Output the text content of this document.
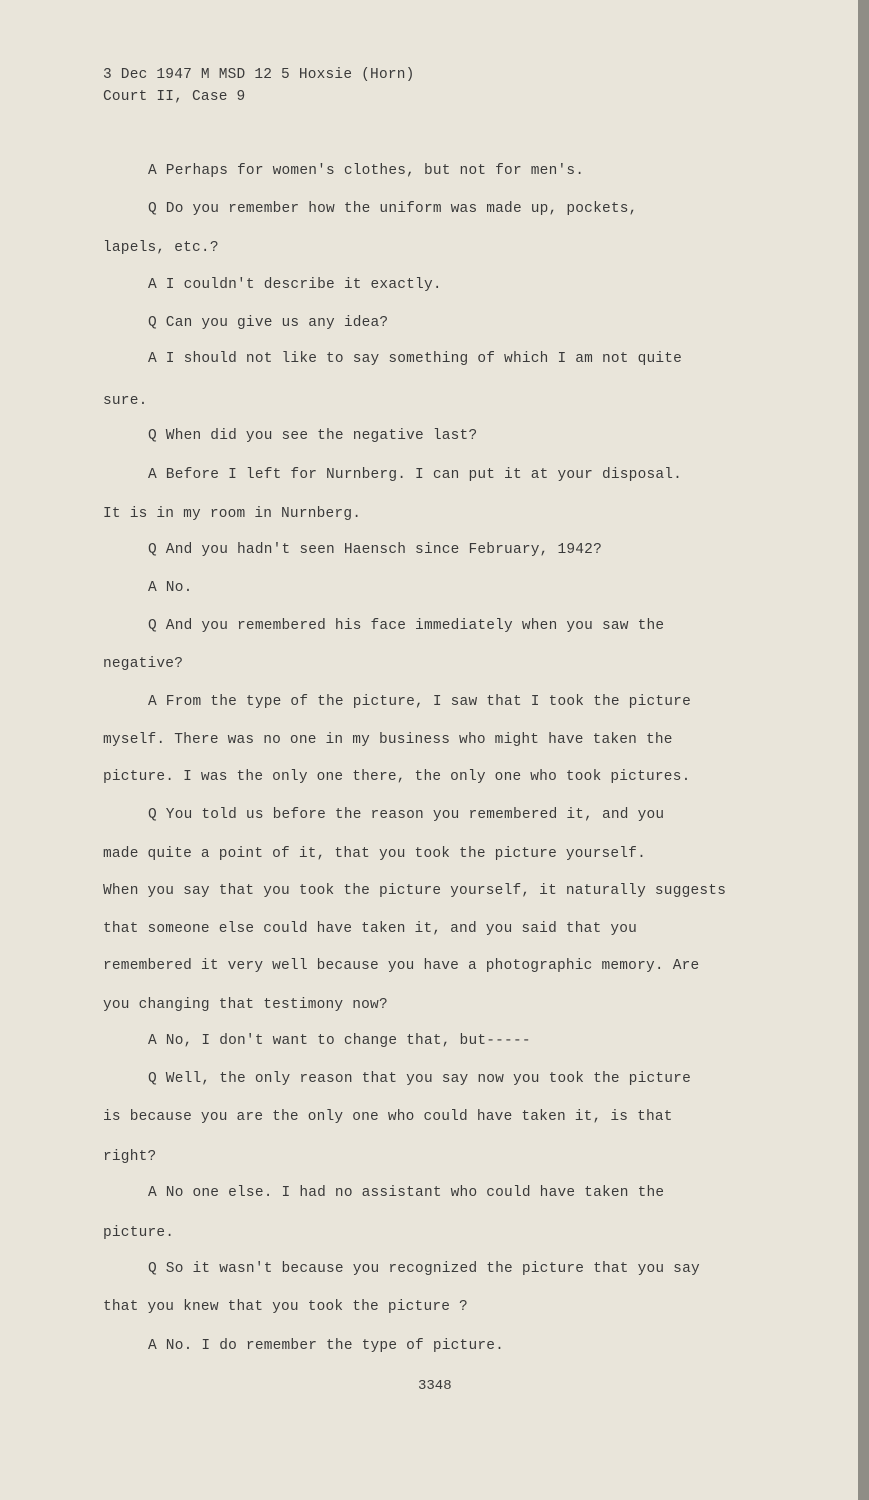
3 Dec 1947 M MSD 12 5 Hoxsie (Horn)
Court II, Case 9
A Perhaps for women's clothes, but not for men's.
Q Do you remember how the uniform was made up, pockets,
lapels, etc.?
A I couldn't describe it exactly.
Q Can you give us any idea?
A I should not like to say something of which I am not quite
sure.
Q When did you see the negative last?
A Before I left for Nurnberg. I can put it at your disposal.
It is in my room in Nurnberg.
Q And you hadn't seen Haensch since February, 1942?
A No.
Q And you remembered his face immediately when you saw the
negative?
A From the type of the picture, I saw that I took the picture
myself. There was no one in my business who might have taken the
picture. I was the only one there, the only one who took pictures.
Q You told us before the reason you remembered it, and you
made quite a point of it, that you took the picture yourself.
When you say that you took the picture yourself, it naturally suggests
that someone else could have taken it, and you said that you
remembered it very well because you have a photographic memory. Are
you changing that testimony now?
A No, I don't want to change that, but-----
Q Well, the only reason that you say now you took the picture
is because you are the only one who could have taken it, is that
right?
A No one else. I had no assistant who could have taken the
picture.
Q So it wasn't because you recognized the picture that you say
that you knew that you took the picture ?
A No. I do remember the type of picture.
3348
